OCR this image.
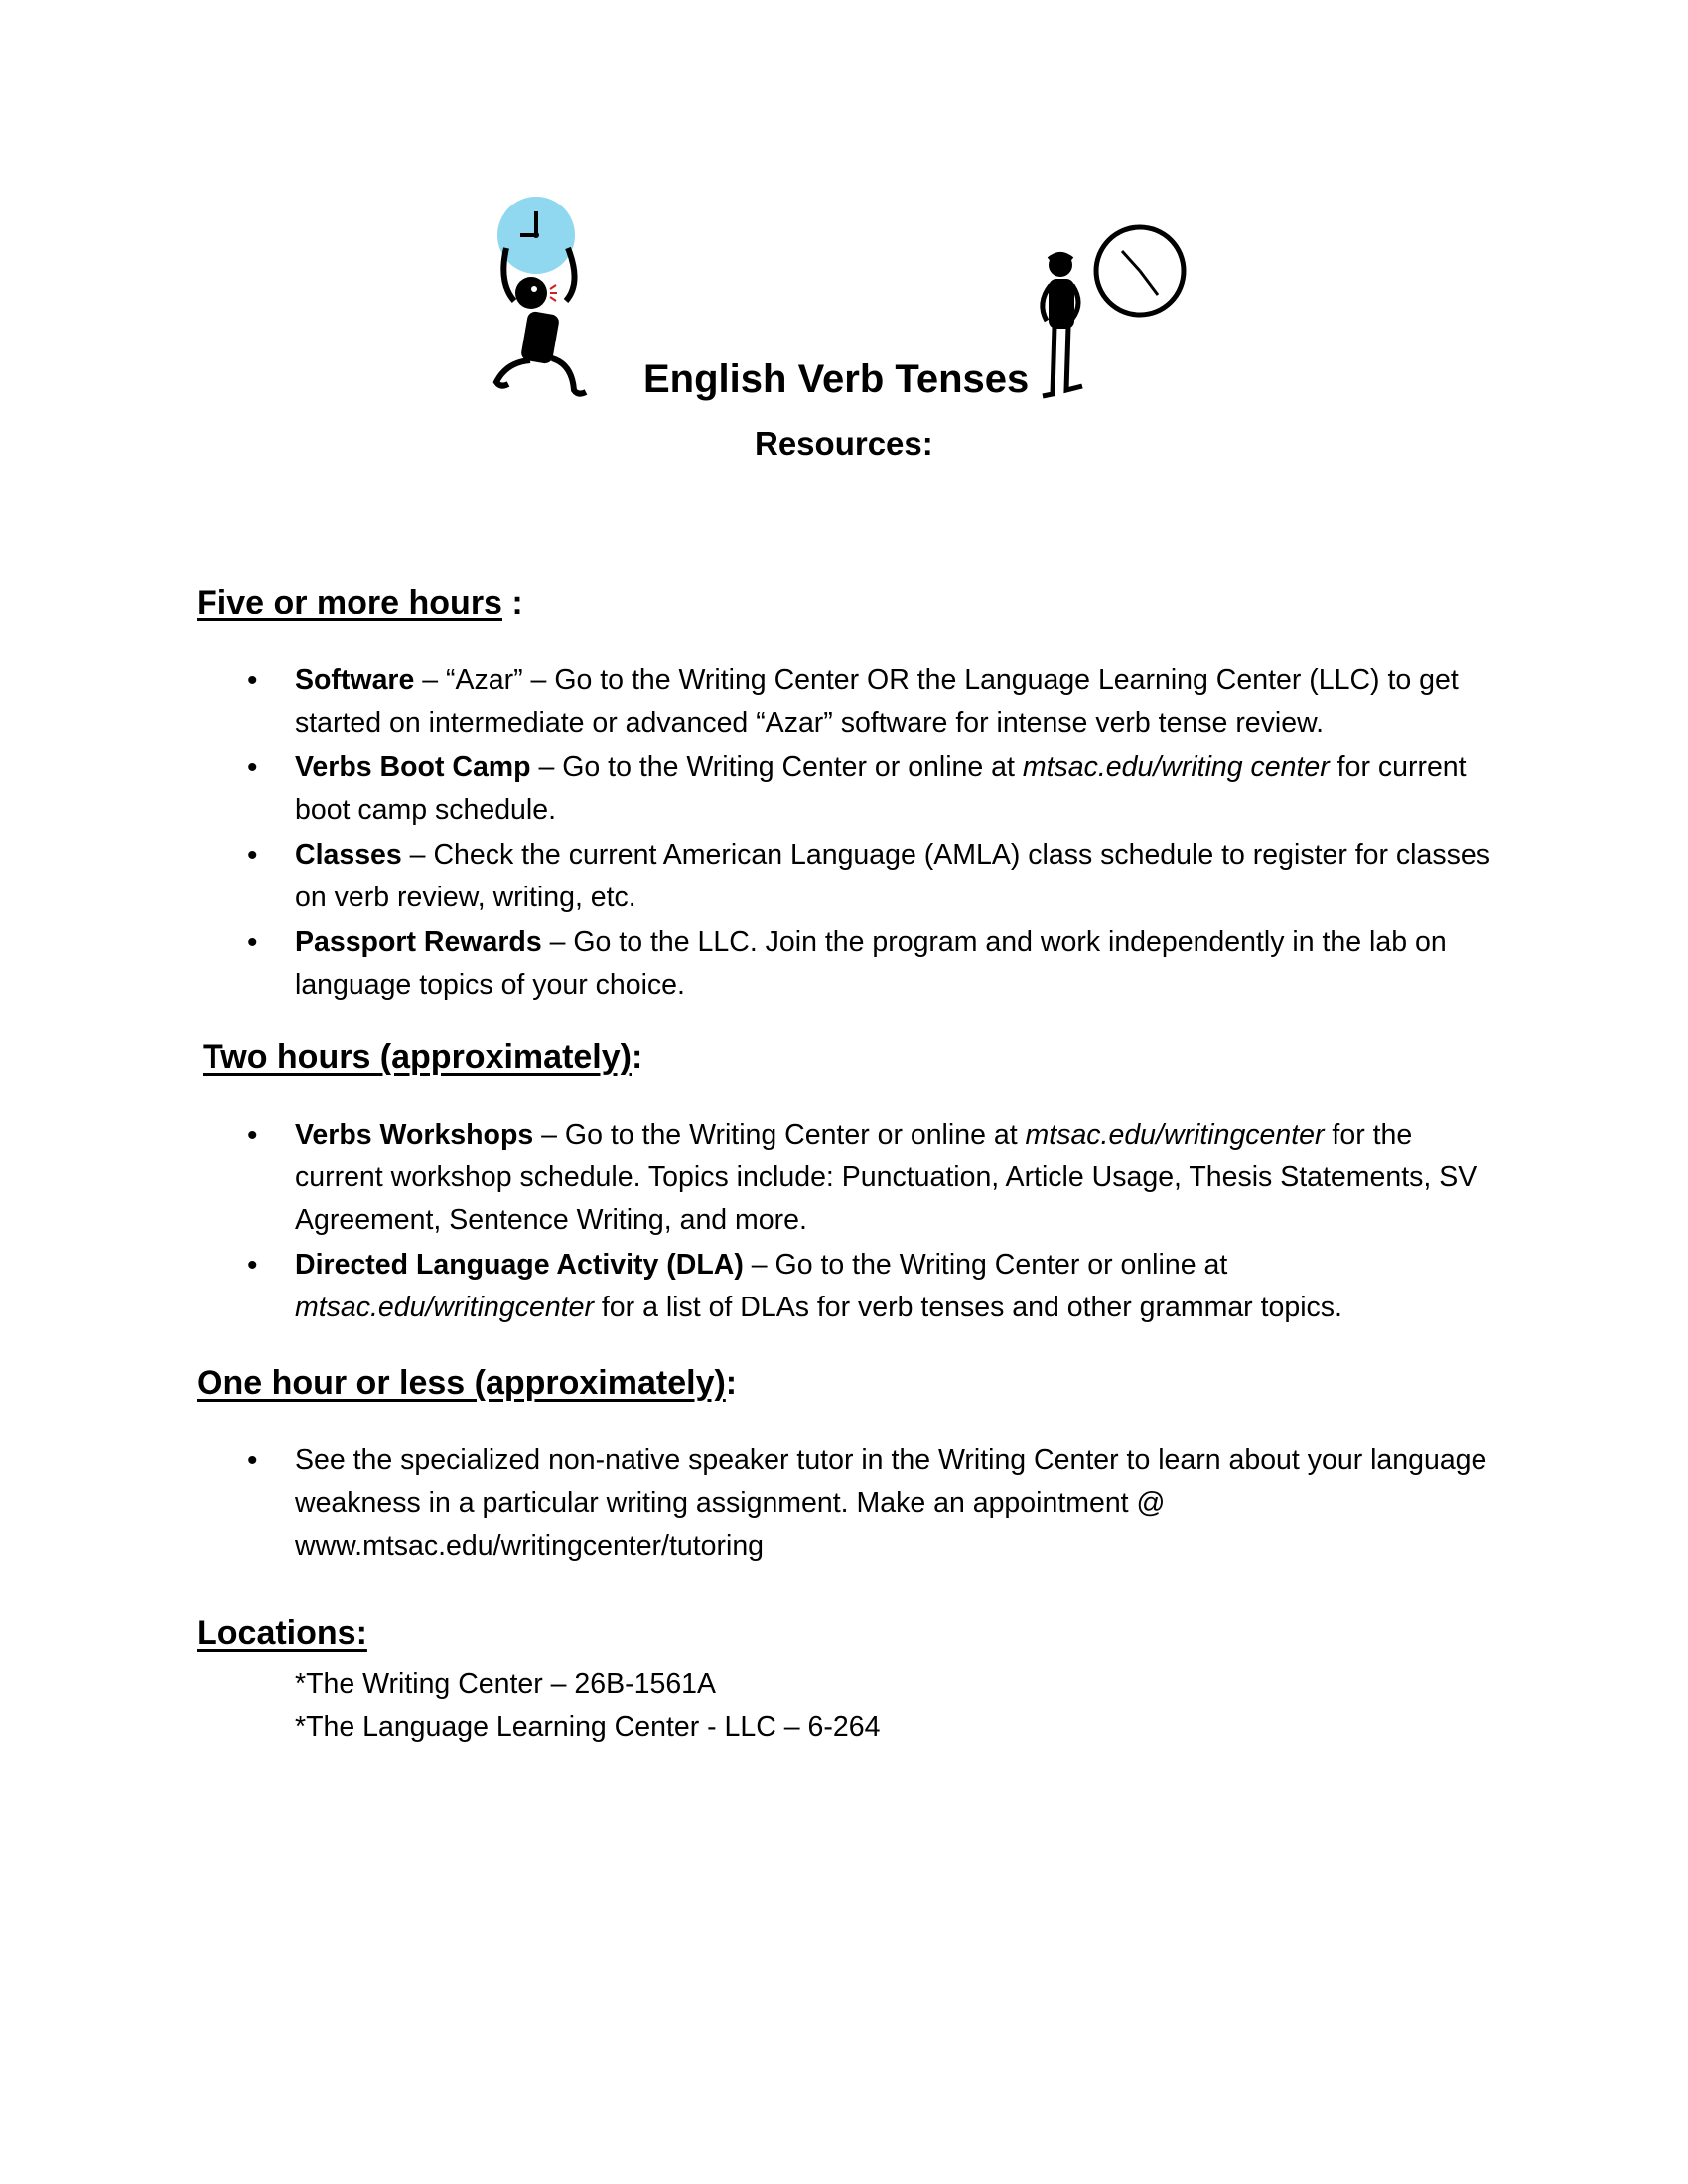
English Verb Tenses
Resources:
Five or more hours :
• Software – “Azar” – Go to the Writing Center OR the Language Learning Center (LLC) to get started on intermediate or advanced “Azar” software for intense verb tense review.
• Verbs Boot Camp – Go to the Writing Center or online at mtsac.edu/writing center for current boot camp schedule.
• Classes – Check the current American Language (AMLA) class schedule to register for classes on verb review, writing, etc.
• Passport Rewards – Go to the LLC. Join the program and work independently in the lab on language topics of your choice.
Two hours (approximately):
• Verbs Workshops – Go to the Writing Center or online at mtsac.edu/writingcenter for the current workshop schedule. Topics include: Punctuation, Article Usage, Thesis Statements, SV Agreement, Sentence Writing, and more.
• Directed Language Activity (DLA) – Go to the Writing Center or online at mtsac.edu/writingcenter for a list of DLAs for verb tenses and other grammar topics.
One hour or less (approximately):
• See the specialized non-native speaker tutor in the Writing Center to learn about your language weakness in a particular writing assignment. Make an appointment @ www.mtsac.edu/writingcenter/tutoring
Locations:
*The Writing Center – 26B-1561A
*The Language Learning Center - LLC – 6-264
